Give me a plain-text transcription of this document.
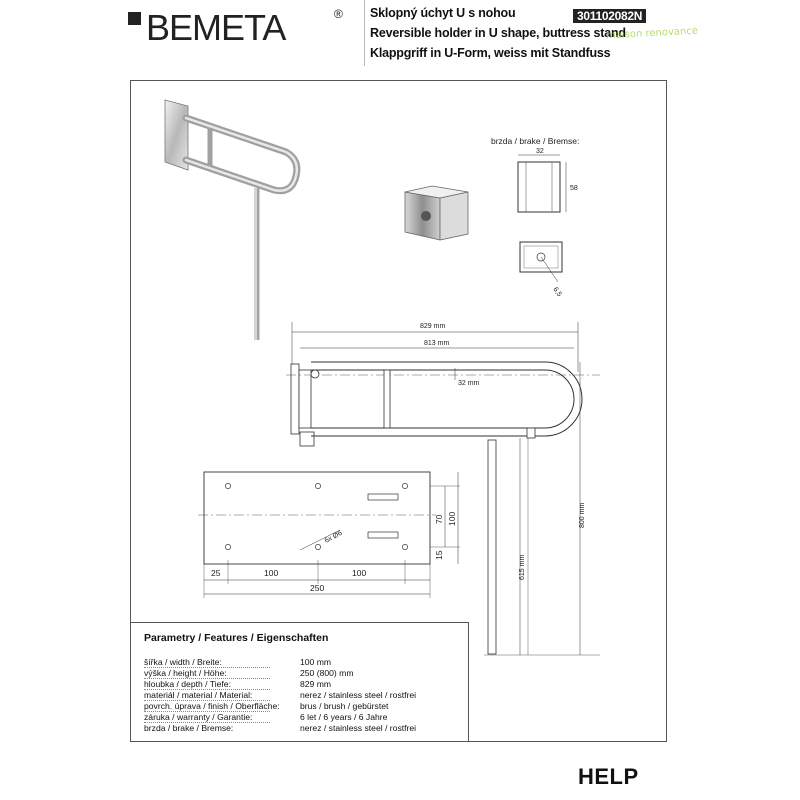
BEMETA	® Sklopný úchyt U s nohou
Reversible holder in U shape, buttress stand
Klappgriff in U-Form, weiss mit Standfuss
301102082N
maison renovance
brzda / brake / Bremse:
32
58
6,5
829 mm
813 mm
32 mm
615 mm
800 mm
6x Ø6
25	100	100
250
70 100
15
Parametry / Features / Eigenschaften
šířka / width / Breite:	100 mm
výška / height / Höhe:	250 (800) mm
hloubka / depth / Tiefe:	829 mm
materiál / material / Material:	nerez / stainless steel / rostfrei
povrch. úprava / finish / Oberfläche: brus / brush / gebürstet
záruka / warranty / Garantie:	6 let / 6 years / 6 Jahre
brzda / brake / Bremse:	nerez / stainless steel / rostfrei
HELP
